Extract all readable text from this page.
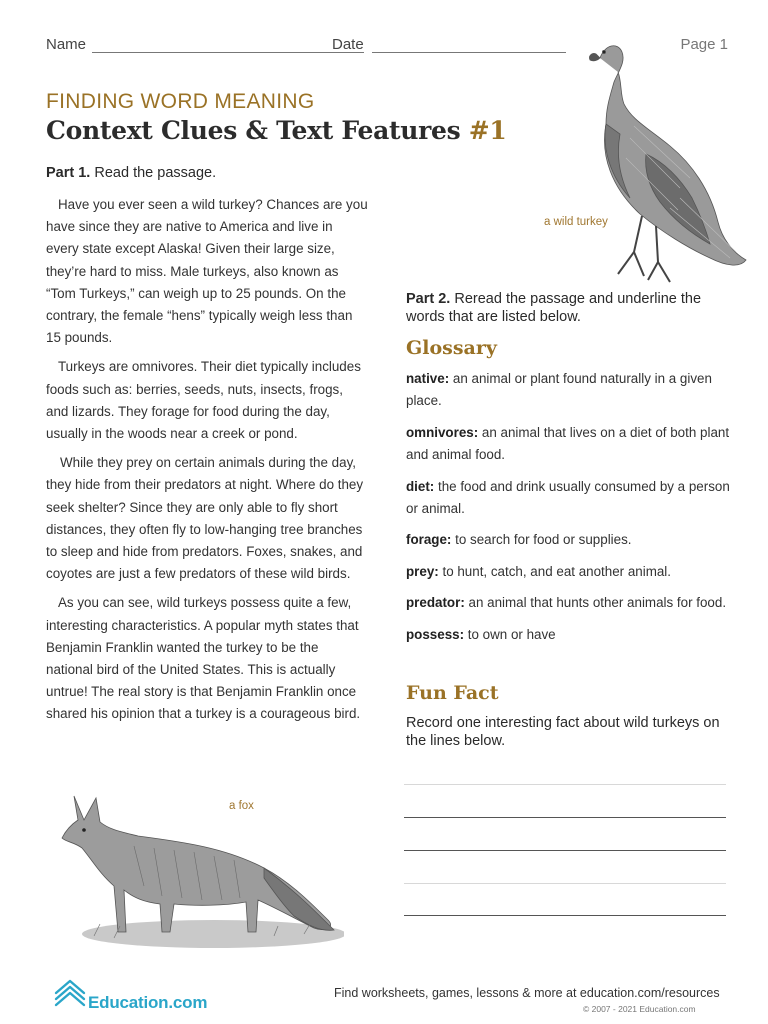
Name	Date	Page 1
FINDING WORD MEANING
Context Clues & Text Features #1
Part 1. Read the passage.

Have you ever seen a wild turkey? Chances are you have since they are native to America and live in every state except Alaska! Given their large size, they’re hard to miss. Male turkeys, also known as “Tom Turkeys,” can weigh up to 25 pounds. On the contrary, the female “hens” typically weigh less than 15 pounds.

Turkeys are omnivores. Their diet typically includes foods such as: berries, seeds, nuts, insects, frogs, and lizards. They forage for food during the day, usually in the woods near a creek or pond.

While they prey on certain animals during the day, they hide from their predators at night. Where do they seek shelter? Since they are only able to fly short distances, they often fly to low-hanging tree branches to sleep and hide from predators. Foxes, snakes, and coyotes are just a few predators of these wild birds.

As you can see, wild turkeys possess quite a few, interesting characteristics. A popular myth states that Benjamin Franklin wanted the turkey to be the national bird of the United States. This is actually untrue! The real story is that Benjamin Franklin once shared his opinion that a turkey is a courageous bird.

a wild turkey
a fox
Part 2. Reread the passage and underline the words that are listed below.
Glossary
native: an animal or plant found naturally in a given place.
omnivores: an animal that lives on a diet of both plant and animal food.
diet: the food and drink usually consumed by a person or animal.
forage: to search for food or supplies.
prey: to hunt, catch, and eat another animal.
predator: an animal that hunts other animals for food.
possess: to own or have
Fun Fact
Record one interesting fact about wild turkeys on the lines below.
Education.com	Find worksheets, games, lessons & more at education.com/resources
© 2007 - 2021 Education.com
